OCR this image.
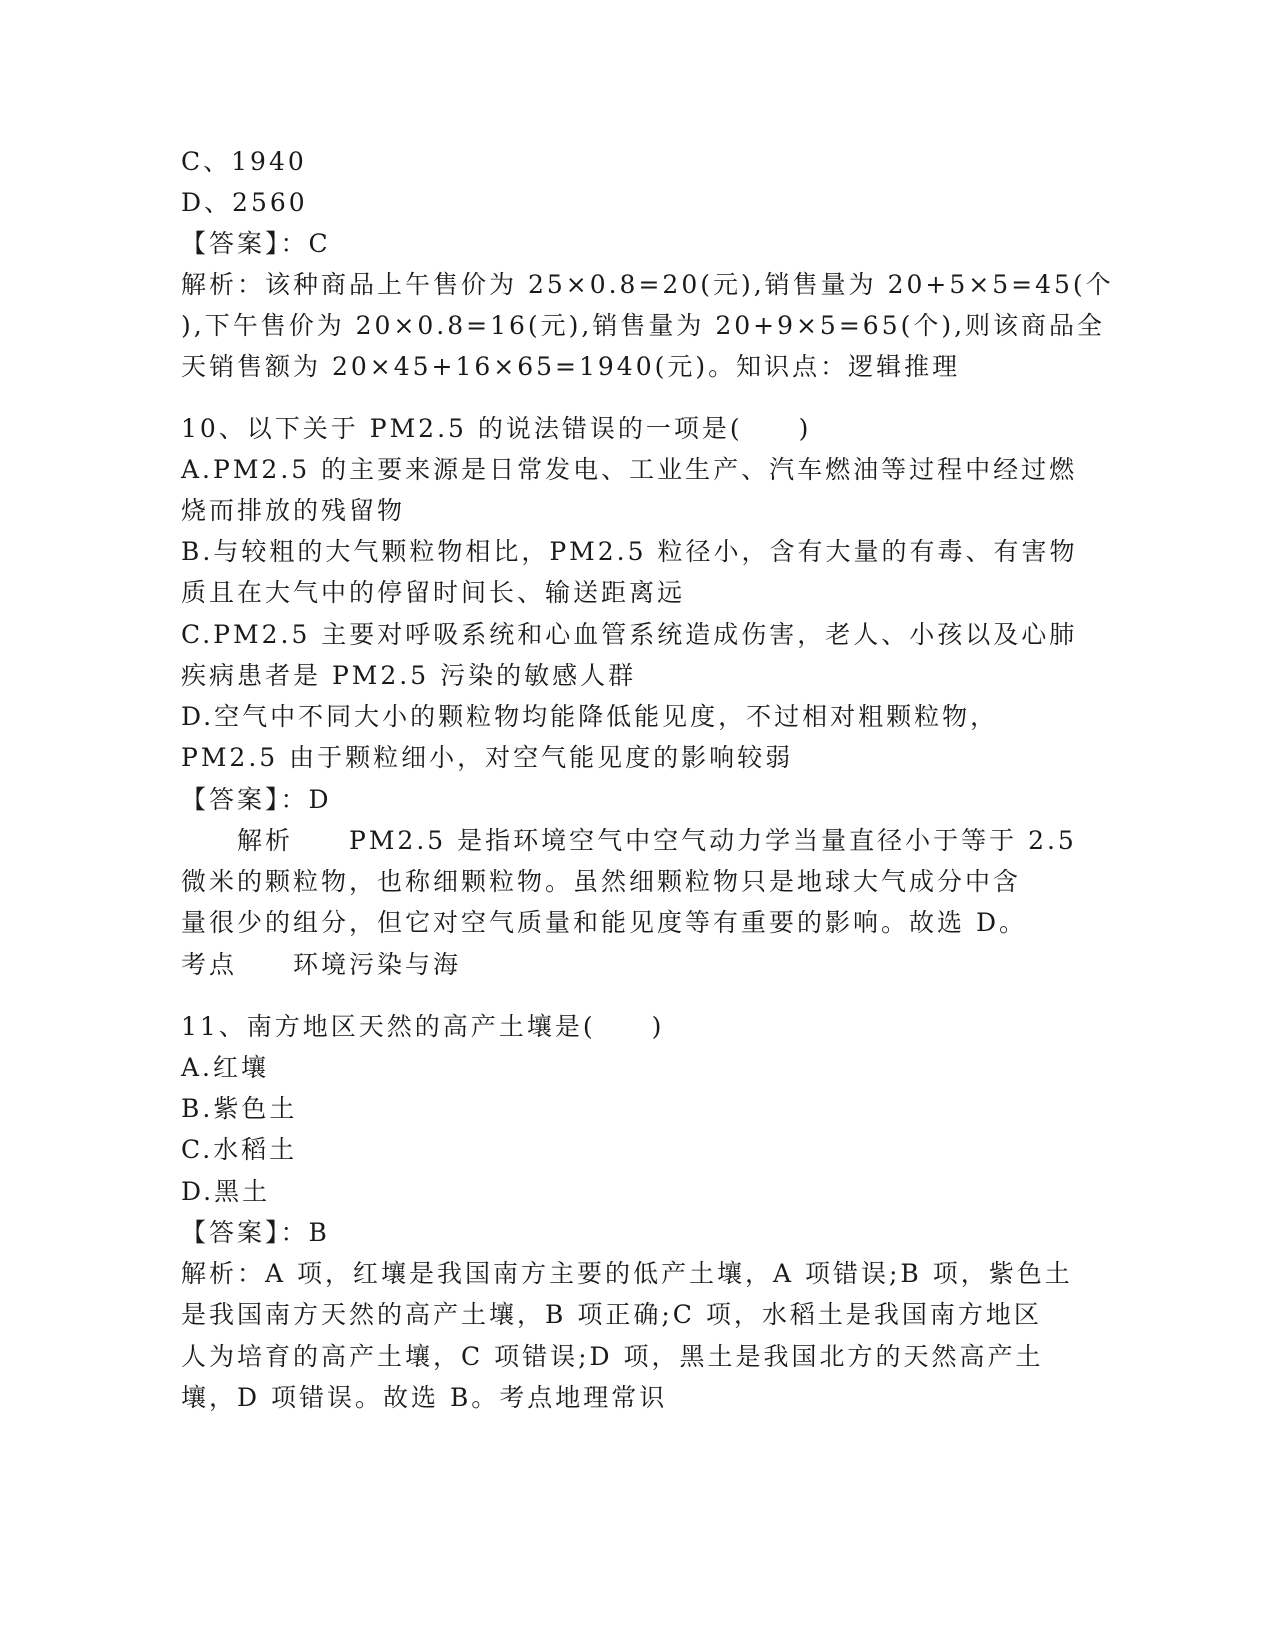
C、1940
D、2560
【答案】：C
解析：该种商品上午售价为 25×0.8=20(元),销售量为 20+5×5=45(个
),下午售价为 20×0.8=16(元),销售量为 20+9×5=65(个),则该商品全
天销售额为 20×45+16×65=1940(元)。知识点：逻辑推理
10、以下关于 PM2.5 的说法错误的一项是(　　)
A.PM2.5 的主要来源是日常发电、工业生产、汽车燃油等过程中经过燃
烧而排放的残留物
B.与较粗的大气颗粒物相比，PM2.5 粒径小，含有大量的有毒、有害物
质且在大气中的停留时间长、输送距离远
C.PM2.5 主要对呼吸系统和心血管系统造成伤害，老人、小孩以及心肺
疾病患者是 PM2.5 污染的敏感人群
D.空气中不同大小的颗粒物均能降低能见度，不过相对粗颗粒物，
PM2.5 由于颗粒细小，对空气能见度的影响较弱
【答案】：D
　　解析　　PM2.5 是指环境空气中空气动力学当量直径小于等于 2.5
微米的颗粒物，也称细颗粒物。虽然细颗粒物只是地球大气成分中含
量很少的组分，但它对空气质量和能见度等有重要的影响。故选 D。
考点　　环境污染与海
11、南方地区天然的高产土壤是(　　)
A.红壤
B.紫色土
C.水稻土
D.黑土
【答案】：B
解析：A 项，红壤是我国南方主要的低产土壤，A 项错误;B 项，紫色土
是我国南方天然的高产土壤，B 项正确;C 项，水稻土是我国南方地区
人为培育的高产土壤，C 项错误;D 项，黑土是我国北方的天然高产土
壤，D 项错误。故选 B。考点地理常识
